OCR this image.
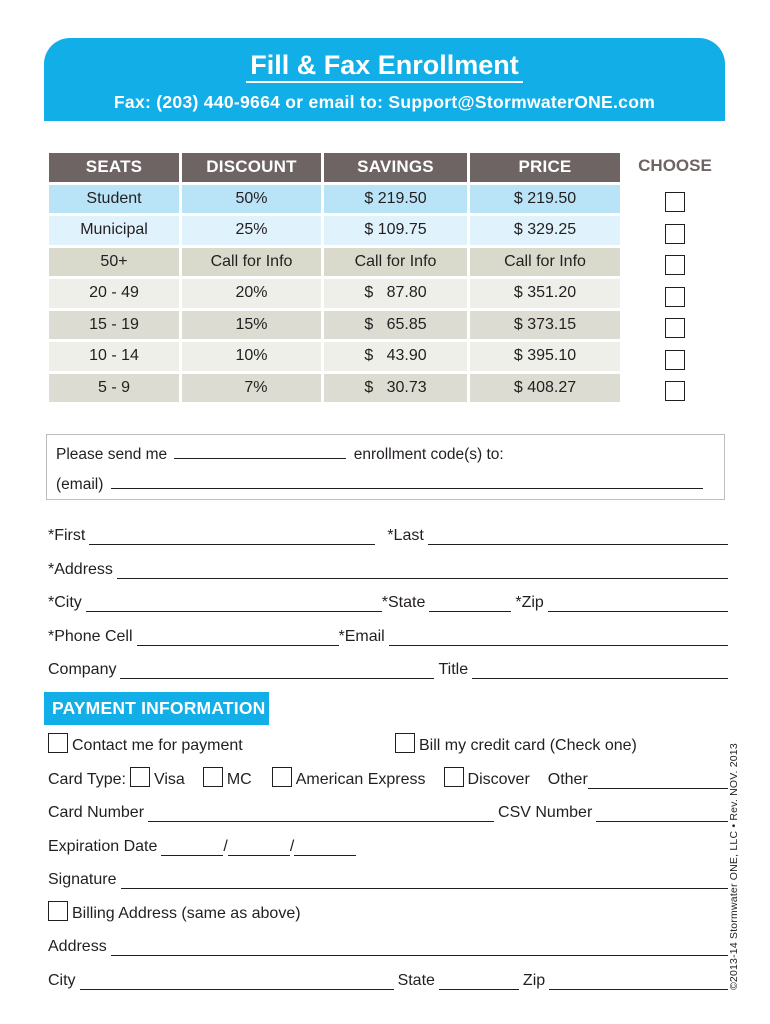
Fill & Fax Enrollment
Fax: (203) 440-9664 or email to: Support@StormwaterONE.com
SEATS	DISCOUNT	SAVINGS	PRICE
Student	50%	$ 219.50	$ 219.50
Municipal	25%	$ 109.75	$ 329.25
50+	Call for Info	Call for Info	Call for Info
20 - 49	20%	$   87.80	$ 351.20
15 - 19	15%	$   65.85	$ 373.15
10 - 14	10%	$   43.90	$ 395.10
5 - 9	7%	$   30.73	$ 408.27
CHOOSE
Please send me	enrollment code(s) to:
(email)
*First	*Last
*Address
*City	*State	*Zip
*Phone Cell	*Email
Company	Title
PAYMENT INFORMATION
Contact me for payment	Bill my credit card (Check one)
Card Type: Visa	MC	American Express	Discover Other
Card Number	CSV Number
Expiration Date	/	/
Signature
Billing Address (same as above)
Address
City	State	Zip	©2013-14 Stormwater ONE, LLC • Rev. NOV. 2013
